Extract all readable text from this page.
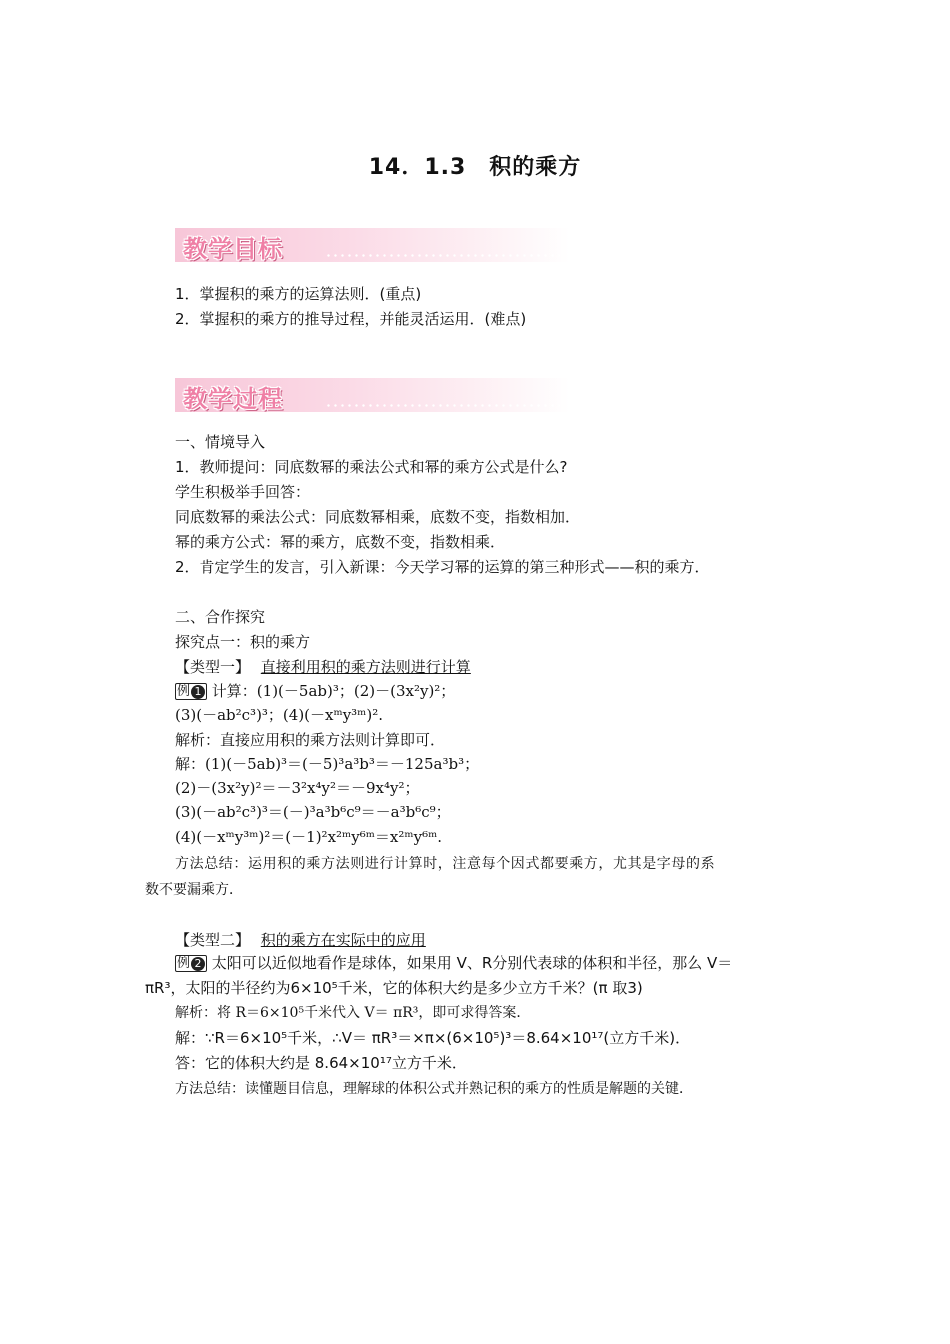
14．1.3　积的乘方
教学目标
1．掌握积的乘方的运算法则．(重点)
2．掌握积的乘方的推导过程，并能灵活运用．(难点)
教学过程
一、情境导入
1．教师提问：同底数幂的乘法公式和幂的乘方公式是什么?
学生积极举手回答：
同底数幂的乘法公式：同底数幂相乘，底数不变，指数相加．
幂的乘方公式：幂的乘方，底数不变，指数相乘．
2．肯定学生的发言，引入新课：今天学习幂的运算的第三种形式——积的乘方．
二、合作探究
探究点一：积的乘方
【类型一】 直接利用积的乘方法则进行计算
例 1 计算：(1)(－5ab)³；(2)－(3x²y)²；
(3)(－ab²c³)³；(4)(－xᵐy³ᵐ)².
解析：直接应用积的乘方法则计算即可．
解：(1)(－5ab)³＝(－5)³a³b³＝－125a³b³；
(2)－(3x²y)²＝－3²x⁴y²＝－9x⁴y²；
(3)(－ab²c³)³＝(－)³a³b⁶c⁹＝－a³b⁶c⁹；
(4)(－xᵐy³ᵐ)²＝(－1)²x²ᵐy⁶ᵐ＝x²ᵐy⁶ᵐ.
方法总结：运用积的乘方法则进行计算时，注意每个因式都要乘方，尤其是字母的系
数不要漏乘方．
【类型二】 积的乘方在实际中的应用
例 2 太阳可以近似地看作是球体，如果用 V、R分别代表球的体积和半径，那么 V＝
πR³，太阳的半径约为6×10⁵千米，它的体积大约是多少立方千米？(π 取3)
解析：将 R＝6×10⁵千米代入 V＝ πR³，即可求得答案．
解：∵R＝6×10⁵千米，∴V＝ πR³＝×π×(6×10⁵)³＝8.64×10¹⁷(立方千米)．
答：它的体积大约是 8.64×10¹⁷立方千米．
方法总结：读懂题目信息，理解球的体积公式并熟记积的乘方的性质是解题的关键．
